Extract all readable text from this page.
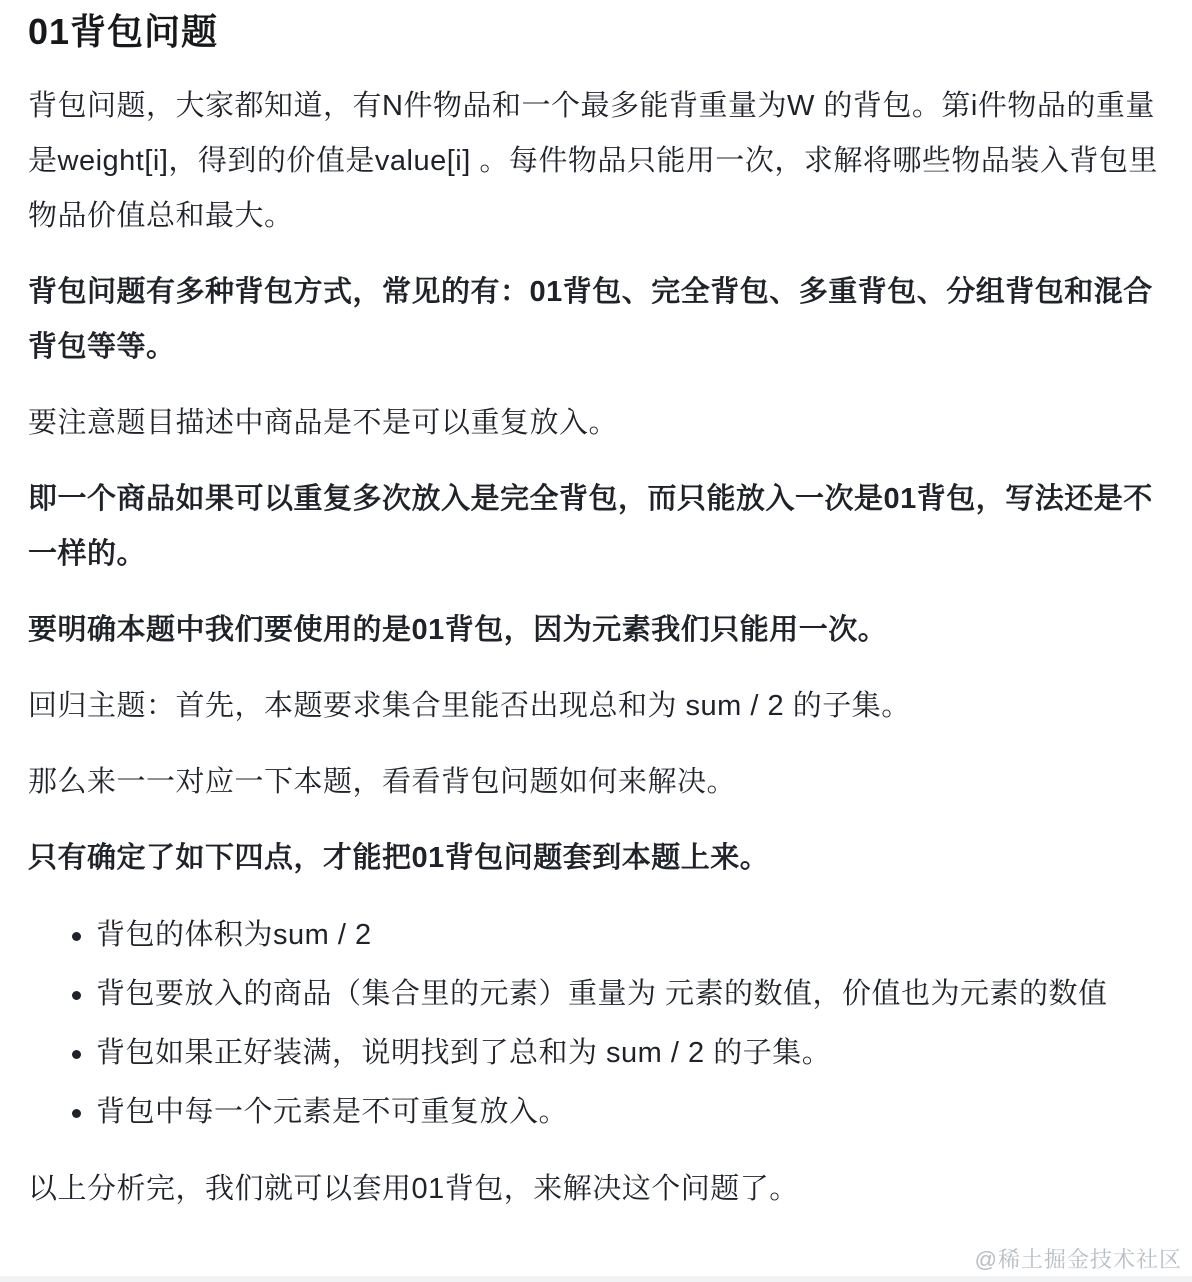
01背包问题

背包问题，大家都知道，有N件物品和一个最多能背重量为W 的背包。第i件物品的重量是weight[i]，得到的价值是value[i] 。每件物品只能用一次，求解将哪些物品装入背包里物品价值总和最大。

背包问题有多种背包方式，常见的有：01背包、完全背包、多重背包、分组背包和混合背包等等。

要注意题目描述中商品是不是可以重复放入。

即一个商品如果可以重复多次放入是完全背包，而只能放入一次是01背包，写法还是不一样的。

要明确本题中我们要使用的是01背包，因为元素我们只能用一次。

回归主题：首先，本题要求集合里能否出现总和为 sum / 2 的子集。

那么来一一对应一下本题，看看背包问题如何来解决。

只有确定了如下四点，才能把01背包问题套到本题上来。

背包的体积为sum / 2
背包要放入的商品（集合里的元素）重量为 元素的数值，价值也为元素的数值
背包如果正好装满，说明找到了总和为 sum / 2 的子集。
背包中每一个元素是不可重复放入。

以上分析完，我们就可以套用01背包，来解决这个问题了。

@稀土掘金技术社区
